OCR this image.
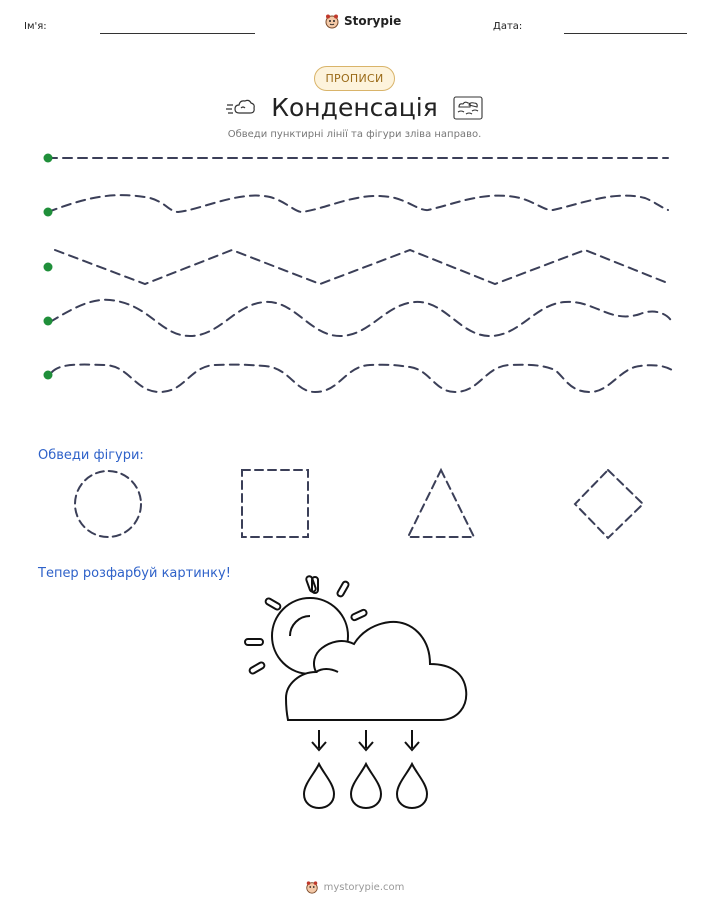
Ім'я:	Storypie	Дата:
ПРОПИСИ
Конденсація
Обведи пунктирні лінії та фігури зліва направо.
Обведи фігури:
Тепер розфарбуй картинку!
mystorypie.com
